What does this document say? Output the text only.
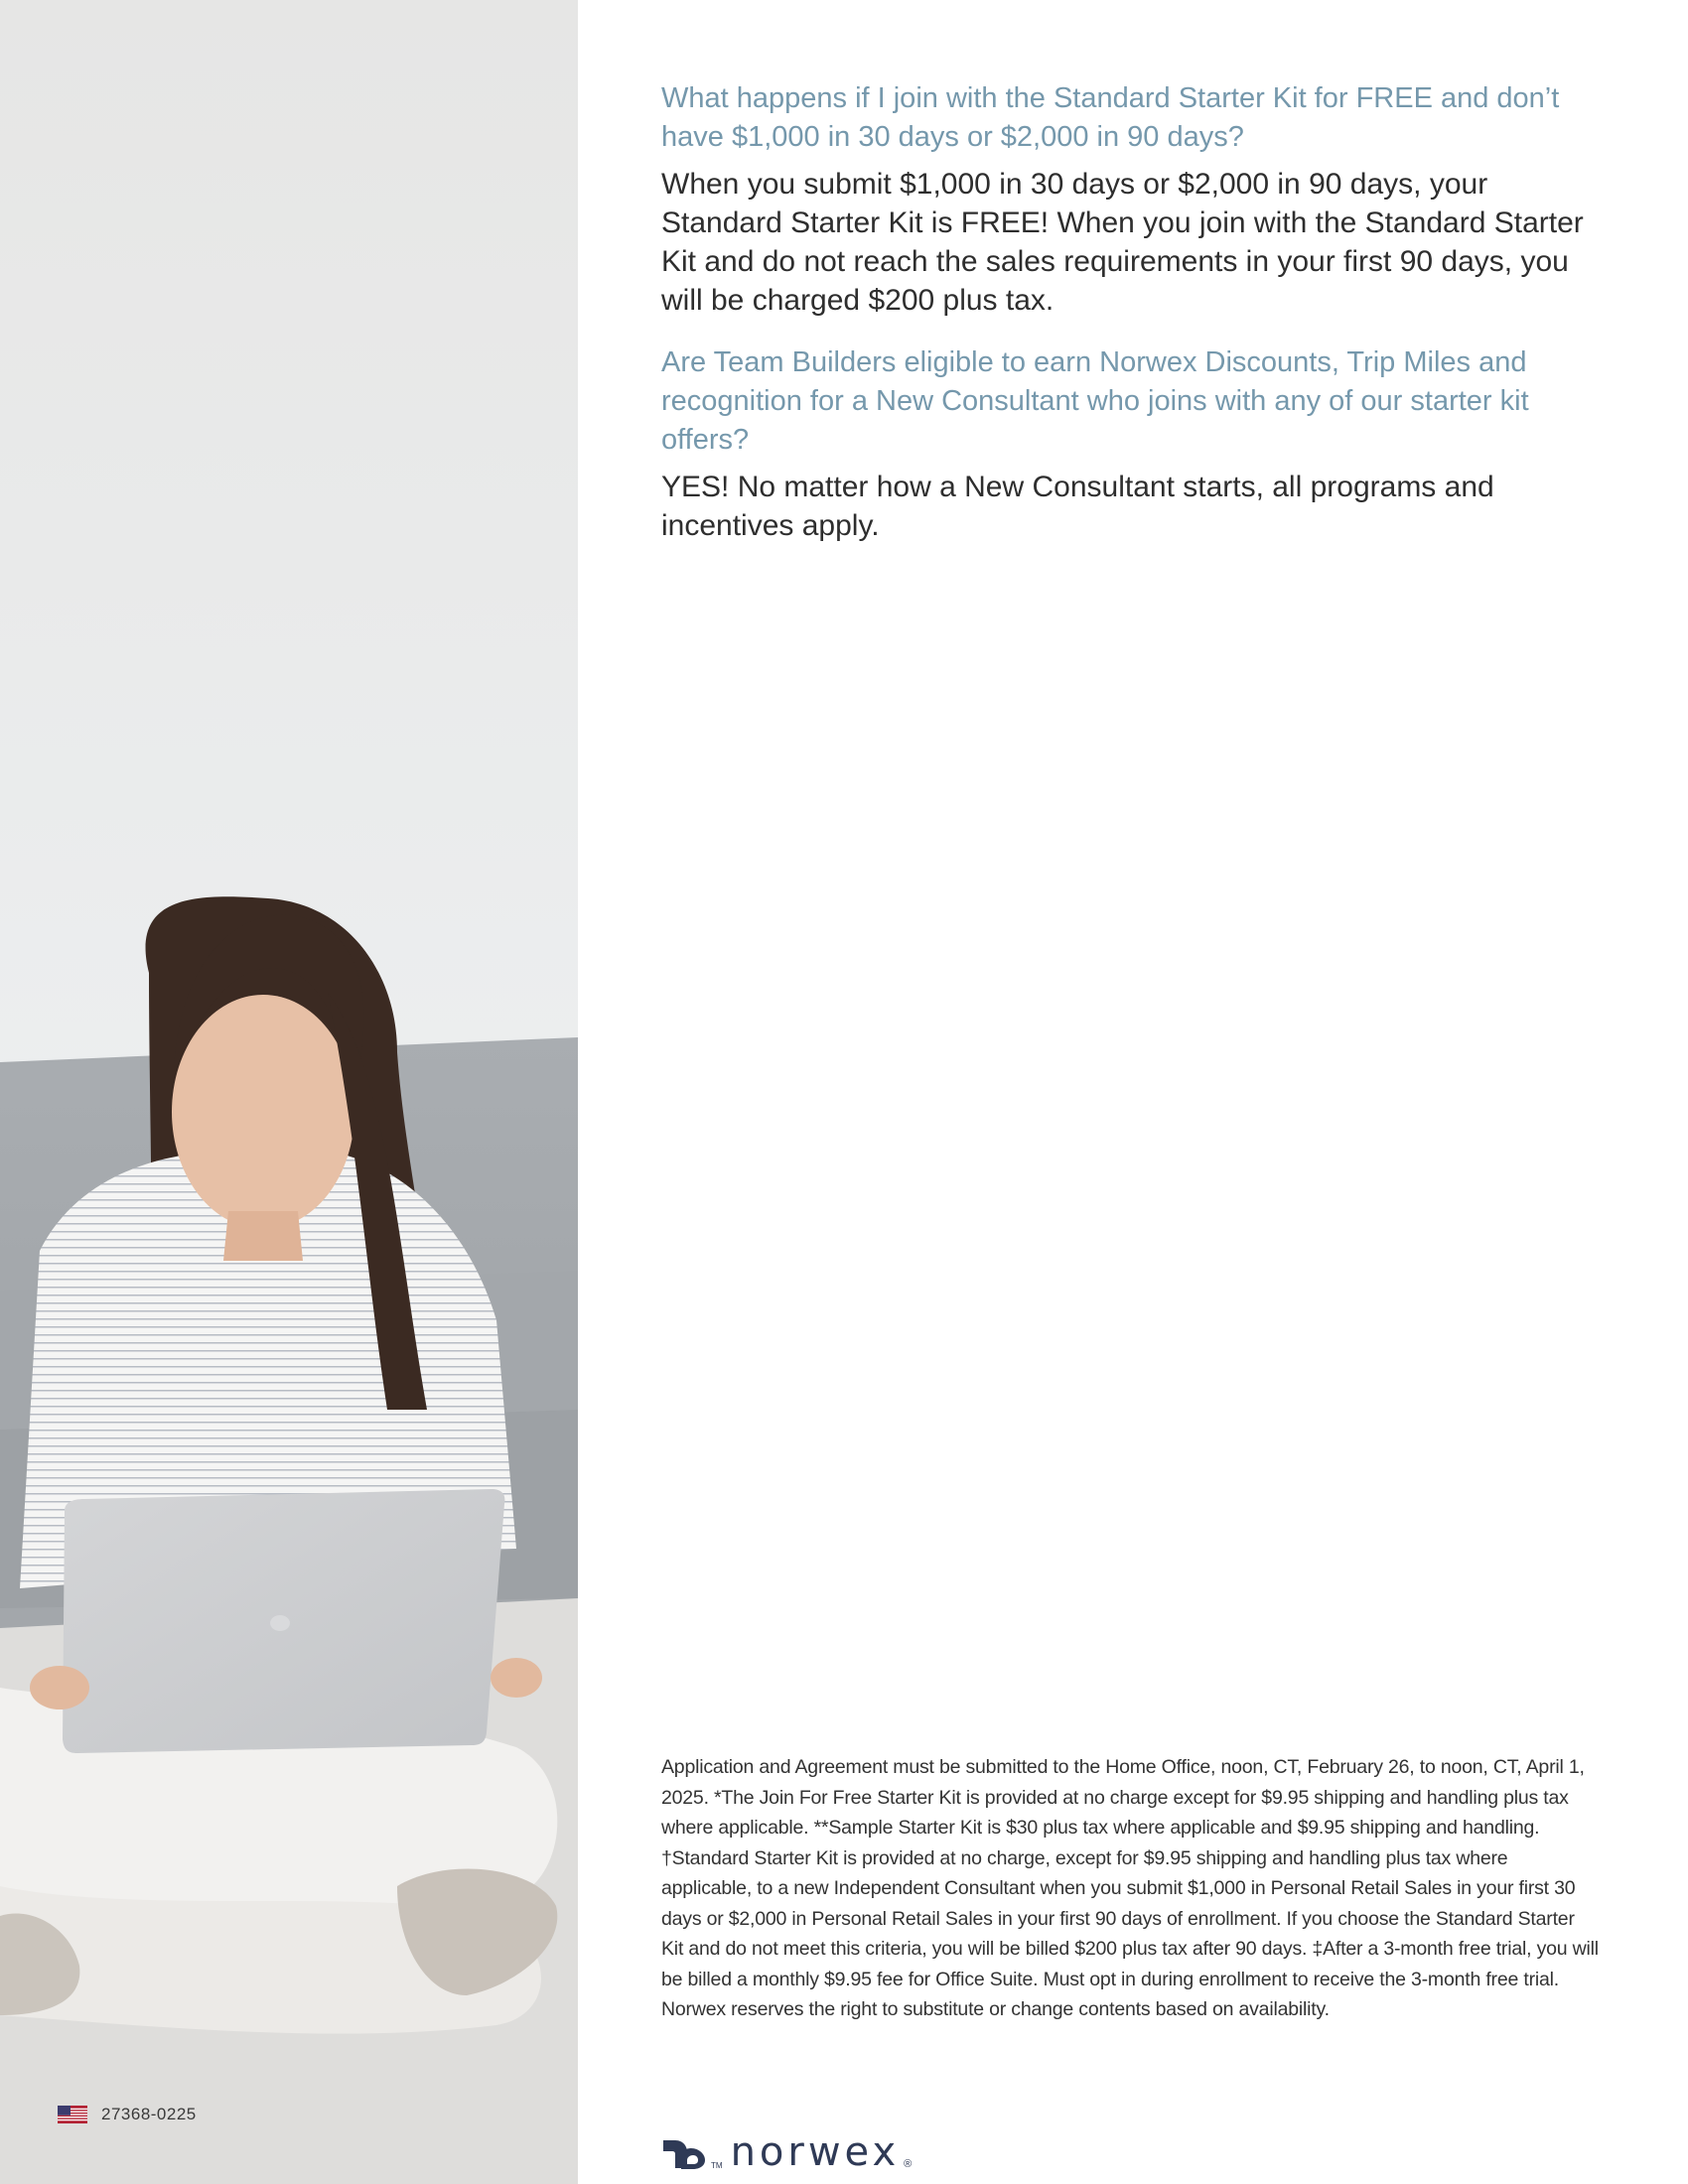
27368-0225
What happens if I join with the Standard Starter Kit for FREE and don’t have $1,000 in 30 days or $2,000 in 90 days?

When you submit $1,000 in 30 days or $2,000 in 90 days, your Standard Starter Kit is FREE! When you join with the Standard Starter Kit and do not reach the sales requirements in your first 90 days, you will be charged $200 plus tax.

Are Team Builders eligible to earn Norwex Discounts, Trip Miles and recognition for a New Consultant who joins with any of our starter kit offers?

YES! No matter how a New Consultant starts, all programs and incentives apply.

Application and Agreement must be submitted to the Home Office, noon, CT, February 26, to noon, CT, April 1, 2025. *The Join For Free Starter Kit is provided at no charge except for $9.95 shipping and handling plus tax where applicable. **Sample Starter Kit is $30 plus tax where applicable and $9.95 shipping and handling. †Standard Starter Kit is provided at no charge, except for $9.95 shipping and handling plus tax where applicable, to a new Independent Consultant when you submit $1,000 in Personal Retail Sales in your first 30 days or $2,000 in Personal Retail Sales in your first 90 days of enrollment. If you choose the Standard Starter Kit and do not meet this criteria, you will be billed $200 plus tax after 90 days. ‡After a 3-month free trial, you will be billed a monthly $9.95 fee for Office Suite. Must opt in during enrollment to receive the 3-month free trial. Norwex reserves the right to substitute or change contents based on availability.

TM norwex ®
